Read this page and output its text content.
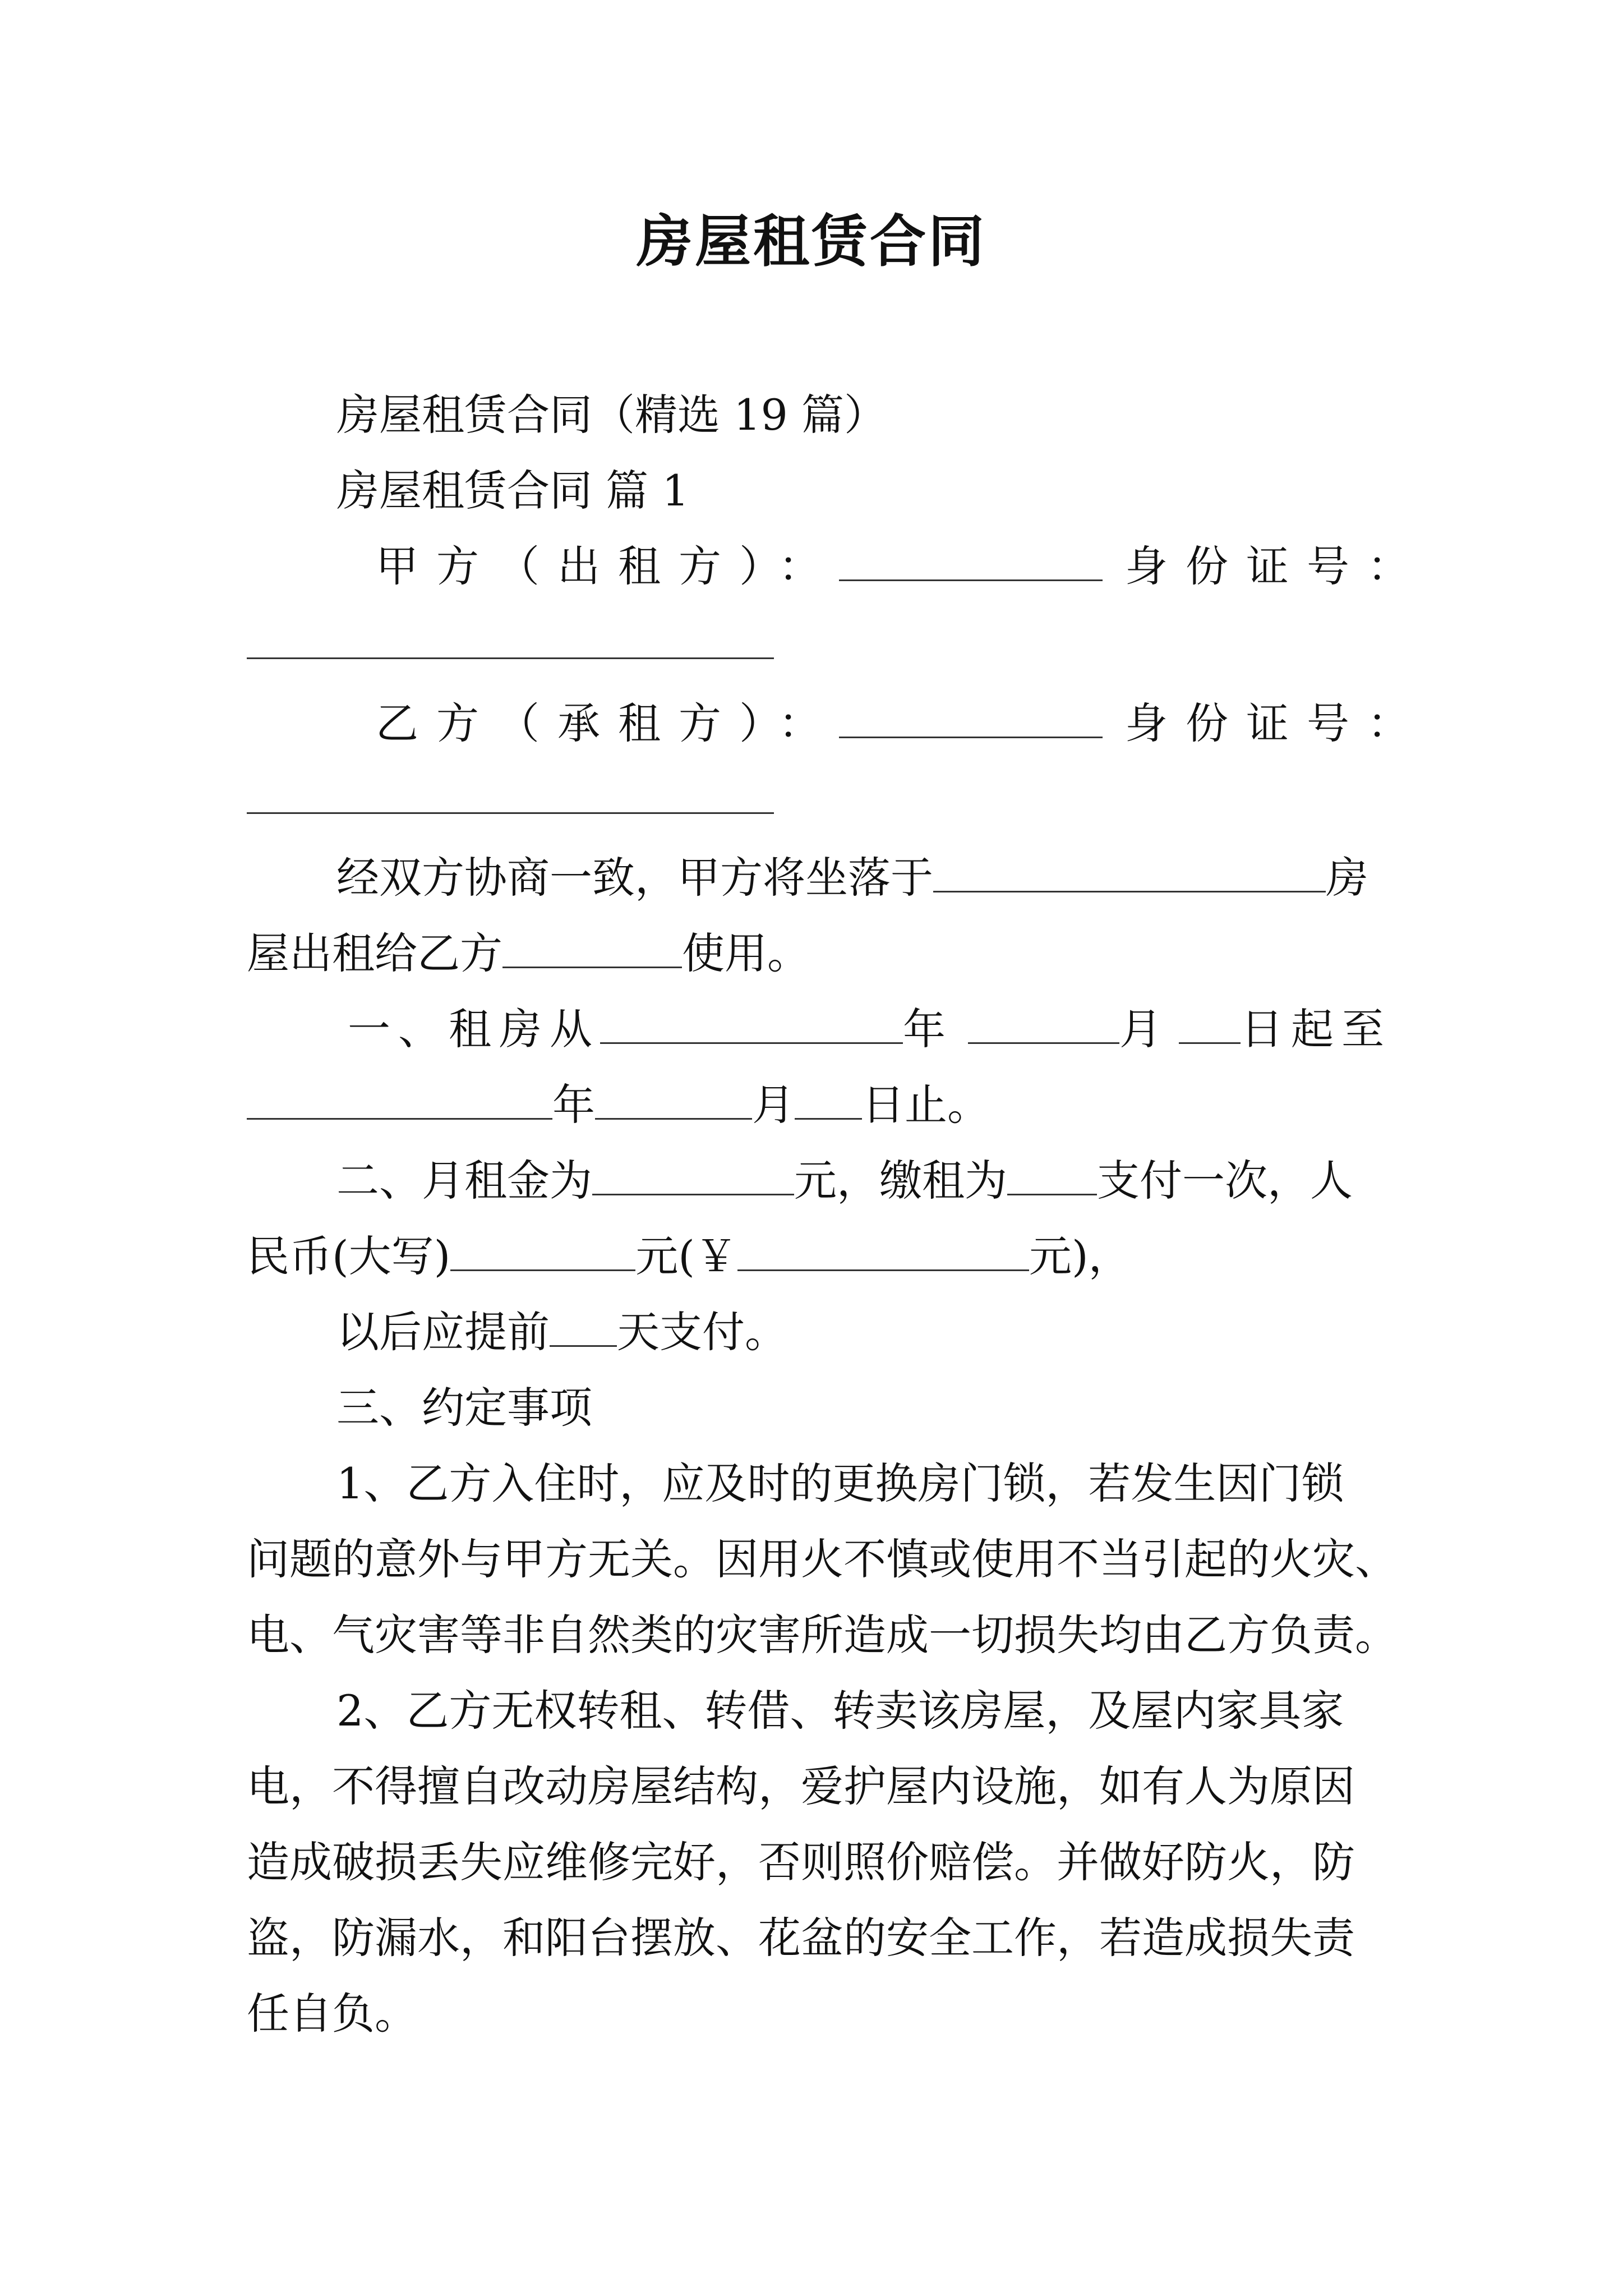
房屋租赁合同
房屋租赁合同（精选 19 篇）
房屋租赁合同 篇 1
甲方（出租方）：	身份证号：
乙方（承租方）：	身份证号：
经双方协商一致，甲方将坐落于	房
屋出租给乙方	使用。
一、租房从	年	月 日起至
年	月 日止。
二、月租金为	元，缴租为 支付一次，人
民币(大写)	元(￥	元)，
以后应提前 天支付。
三、约定事项
1、乙方入住时，应及时的更换房门锁，若发生因门锁
问题的意外与甲方无关。因用火不慎或使用不当引起的火灾、
电、气灾害等非自然类的灾害所造成一切损失均由乙方负责。
2、乙方无权转租、转借、转卖该房屋，及屋内家具家
电，不得擅自改动房屋结构，爱护屋内设施，如有人为原因
造成破损丢失应维修完好，否则照价赔偿。并做好防火，防
盗，防漏水，和阳台摆放、花盆的安全工作，若造成损失责
任自负。
